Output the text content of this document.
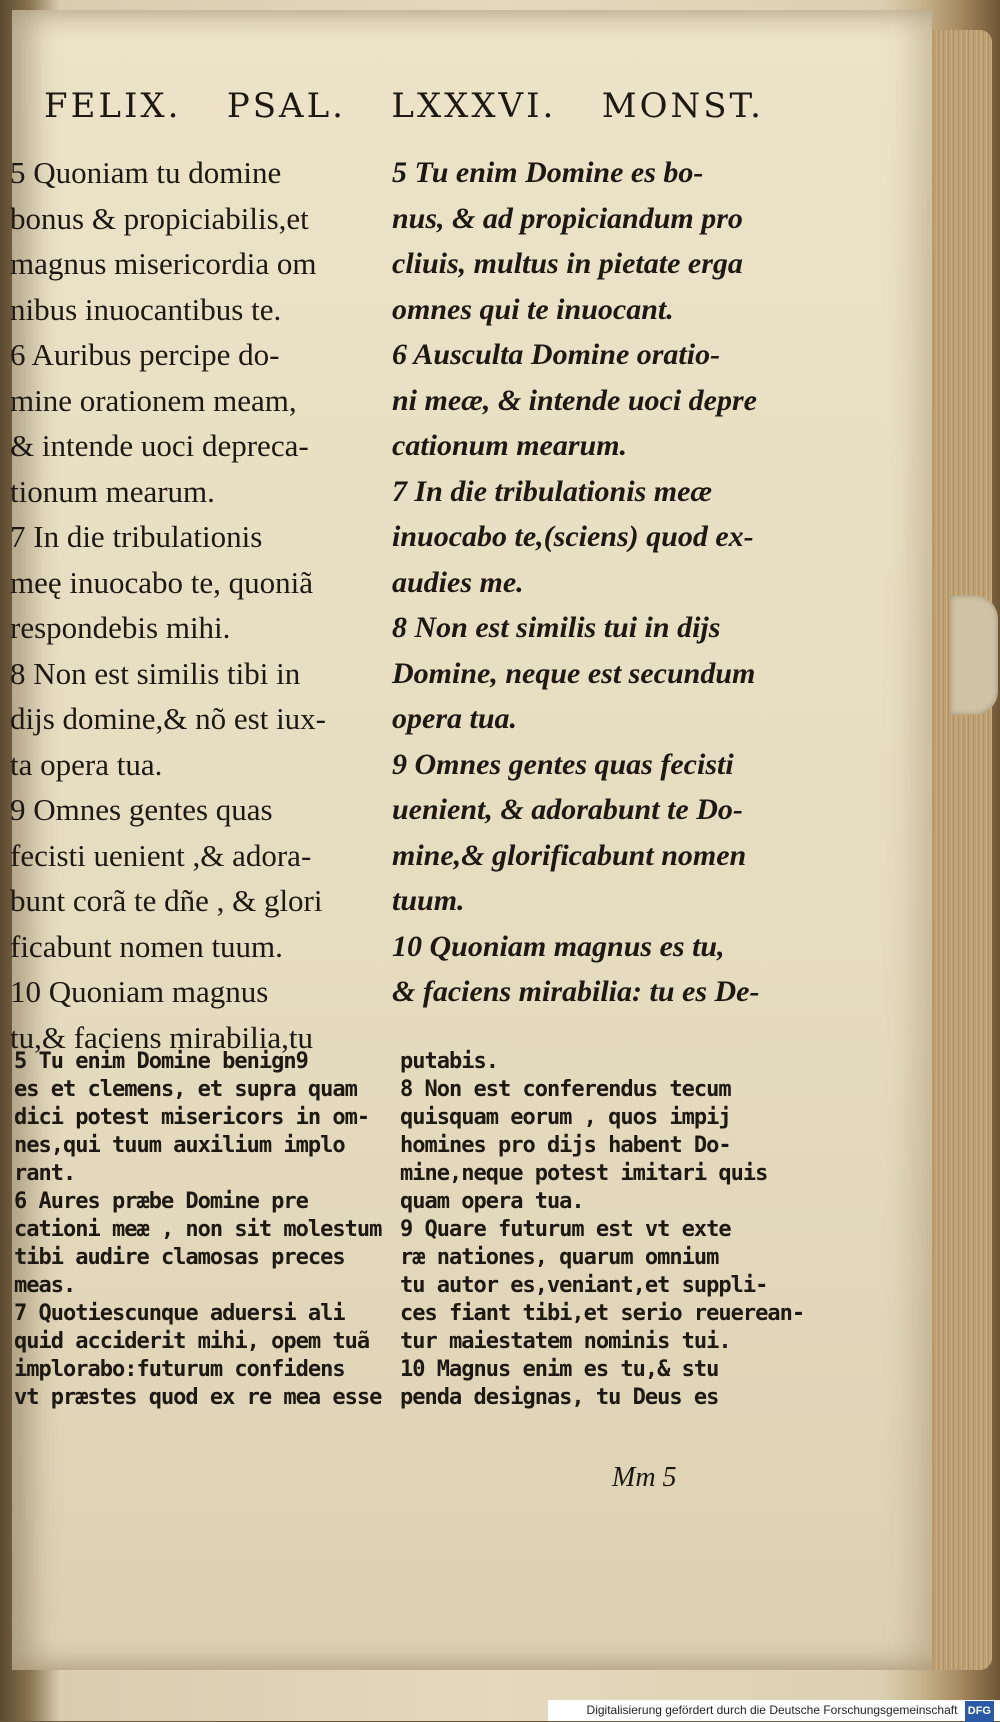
FELIX. PSAL. LXXXVI. MONST.
5 Quoniam tu domine
bonus & propiciabilis,et
magnus misericordia om
nibus inuocantibus te.
6 Auribus percipe do-
mine orationem meam,
& intende uoci depreca-
tionum mearum.
7 In die tribulationis
meę inuocabo te, quoniã
respondebis mihi.
8 Non est similis tibi in
dijs domine,& nõ est iux-
ta opera tua.
9 Omnes gentes quas
fecisti uenient ,& adora-
bunt corã te dñe , & glori
ficabunt nomen tuum.
10 Quoniam magnus
tu,& faciens mirabilia,tu
5 Tu enim Domine es bo-
nus, & ad propiciandum pro
cliuis, multus in pietate erga
omnes qui te inuocant.
6 Ausculta Domine oratio-
ni meæ, & intende uoci depre
cationum mearum.
7 In die tribulationis meæ
inuocabo te,(sciens) quod ex-
audies me.
8 Non est similis tui in dijs
Domine, neque est secundum
opera tua.
9 Omnes gentes quas fecisti
uenient, & adorabunt te Do-
mine,& glorificabunt nomen
tuum.
10 Quoniam magnus es tu,
& faciens mirabilia: tu es De-
5 Tu enim Domine benign9
es et clemens, et supra quam
dici potest misericors in om-
nes,qui tuum auxilium implo
rant.
6 Aures præbe Domine pre
cationi meæ , non sit molestum
tibi audire clamosas preces
meas.
7 Quotiescunque aduersi ali
quid acciderit mihi, opem tuã
implorabo:futurum confidens
vt præstes quod ex re mea esse
putabis.
8 Non est conferendus tecum
quisquam eorum , quos impij
homines pro dijs habent Do-
mine,neque potest imitari quis
quam opera tua.
9 Quare futurum est vt exte
ræ nationes, quarum omnium
tu autor es,veniant,et suppli-
ces fiant tibi,et serio reuerean-
tur maiestatem nominis tui.
10 Magnus enim es tu,& stu
penda designas, tu Deus es
Mm 5
Digitalisierung gefördert durch die Deutsche Forschungsgemeinschaft DFG
